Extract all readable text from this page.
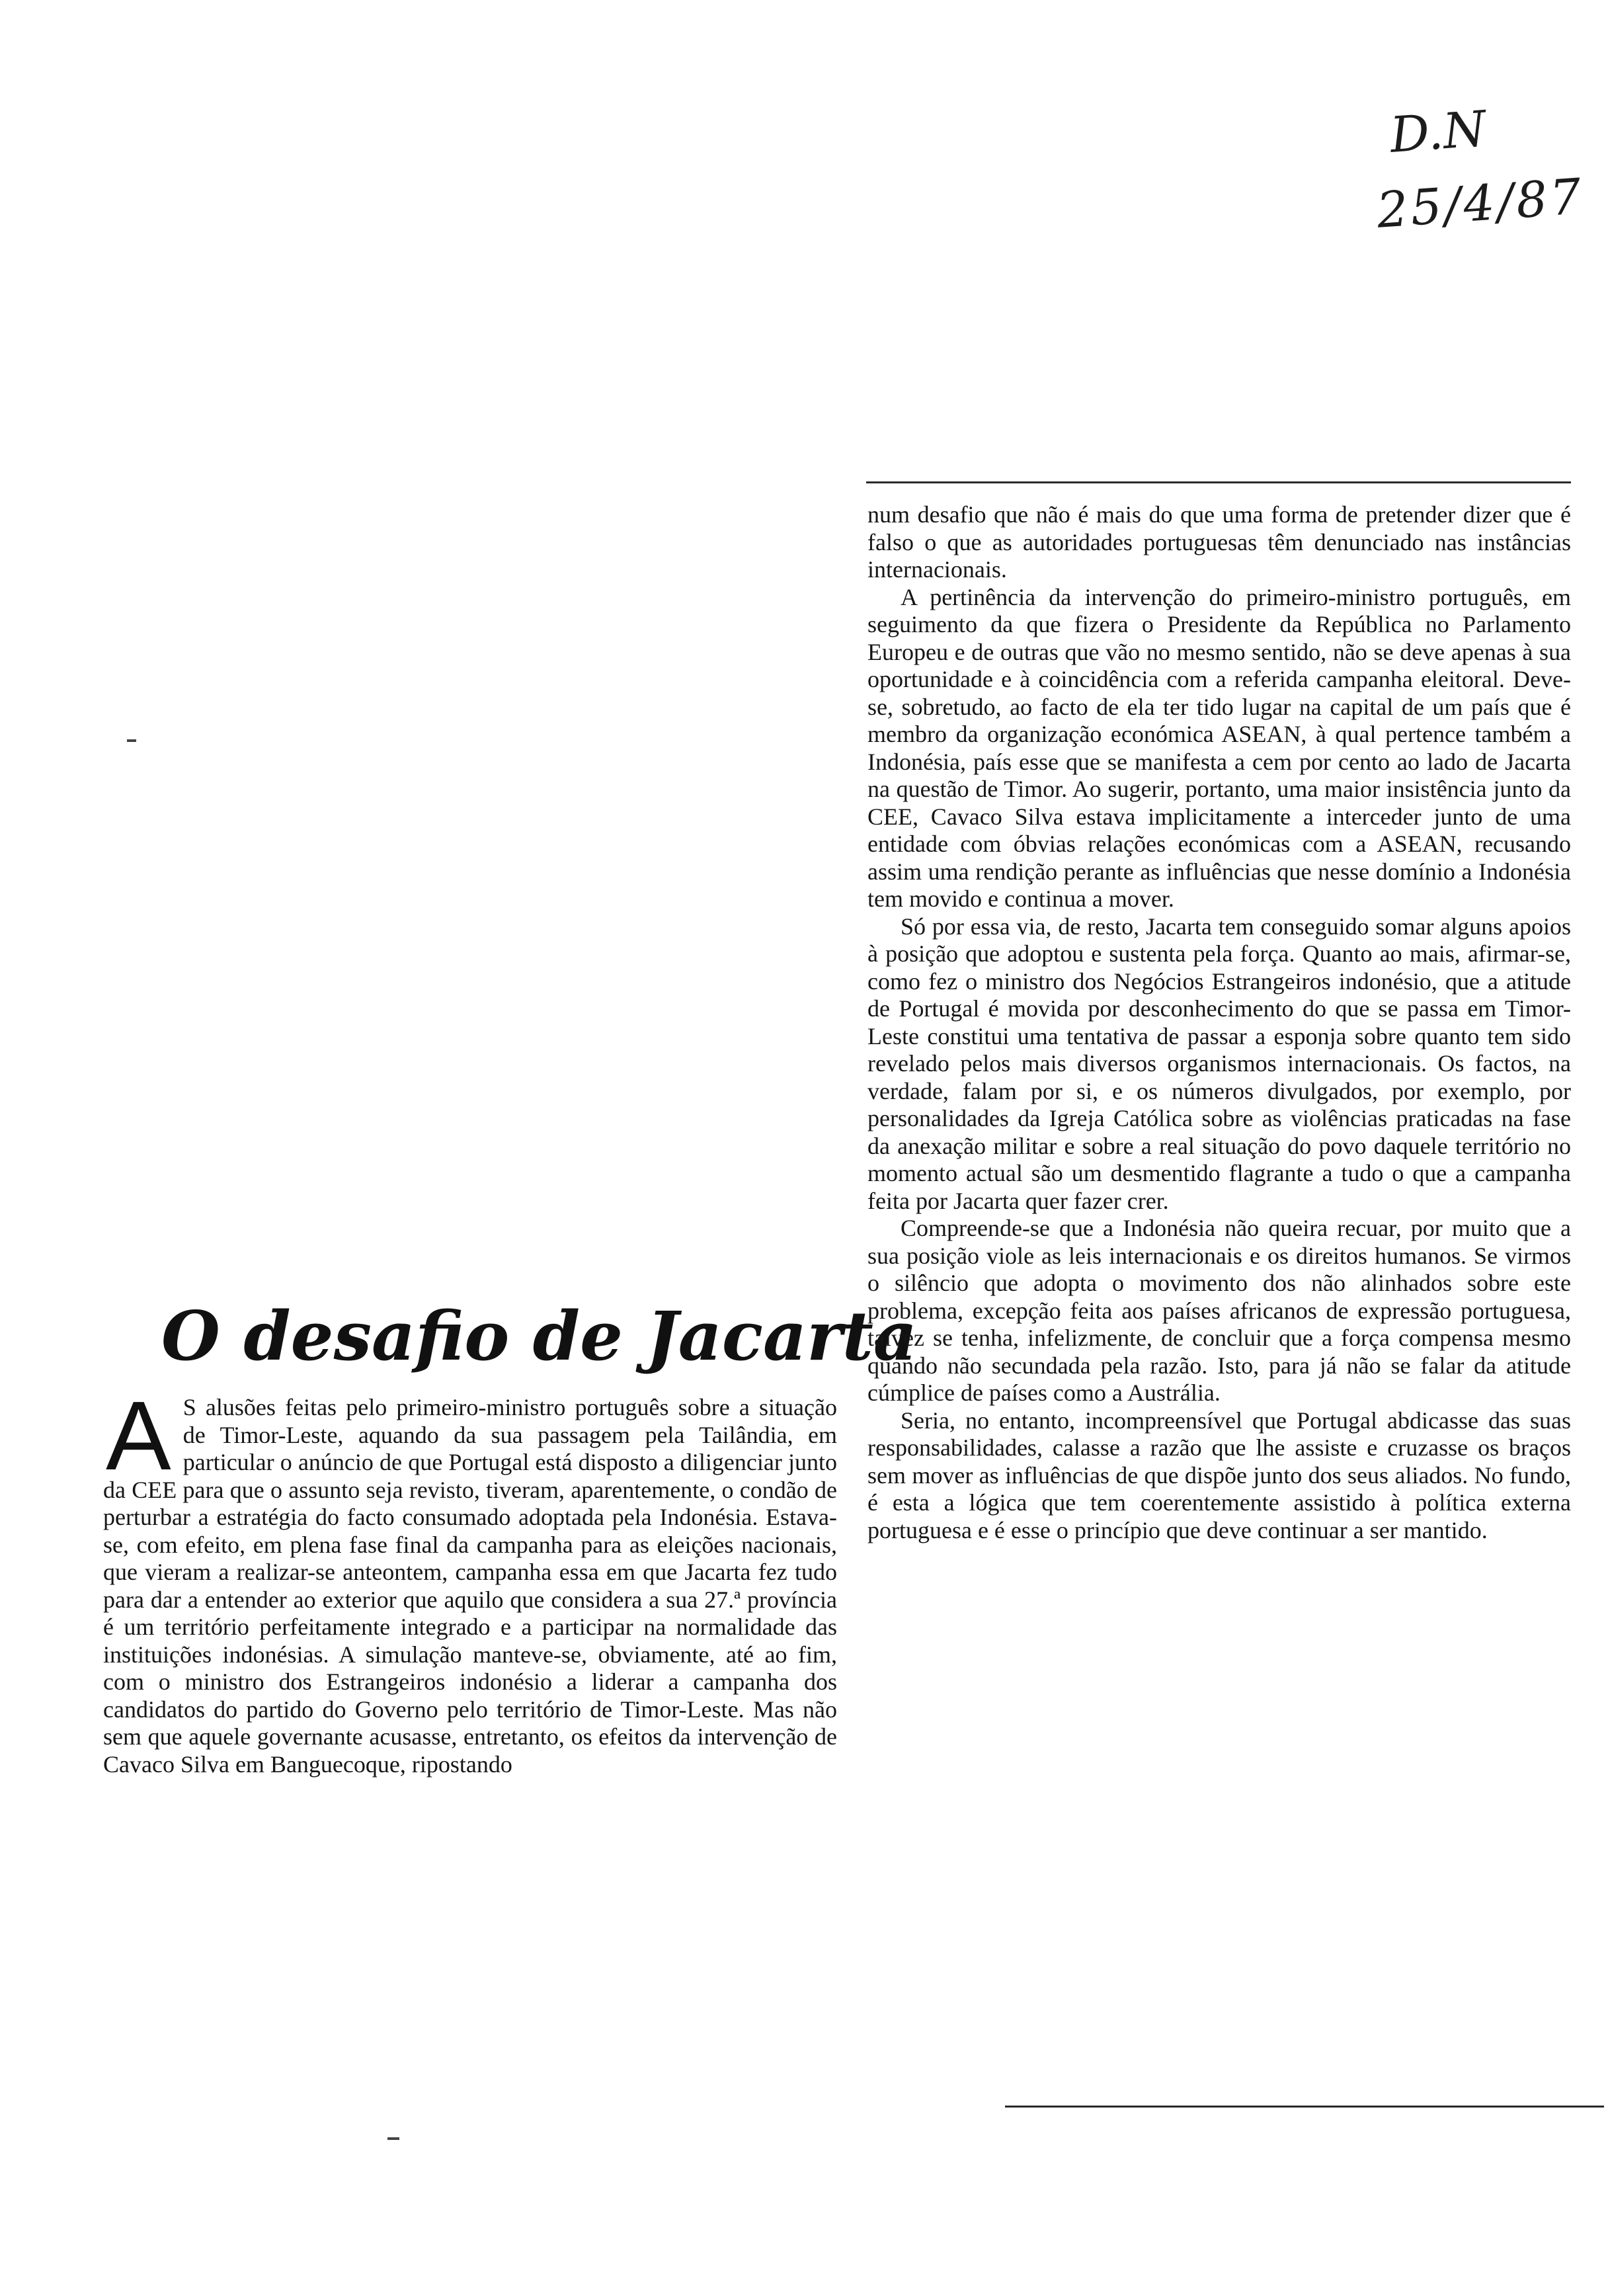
D.N
25/4/87
O desafio de Jacarta

A S alusões feitas pelo primeiro-ministro português sobre a situação de Timor-Leste, aquando da sua passagem pela Tailândia, em particular o anúncio de que Portugal está disposto a diligenciar junto da CEE para que o assunto seja revisto, tiveram, aparentemente, o condão de perturbar a estratégia do facto consumado adoptada pela Indonésia. Estava-se, com efeito, em plena fase final da campanha para as eleições nacionais, que vieram a realizar-se anteontem, campanha essa em que Jacarta fez tudo para dar a entender ao exterior que aquilo que considera a sua 27.ª província é um território perfeitamente integrado e a participar na normalidade das instituições indonésias. A simulação manteve-se, obviamente, até ao fim, com o ministro dos Estrangeiros indonésio a liderar a campanha dos candidatos do partido do Governo pelo território de Timor-Leste. Mas não sem que aquele governante acusasse, entretanto, os efeitos da intervenção de Cavaco Silva em Banguecoque, ripostando

num desafio que não é mais do que uma forma de pretender dizer que é falso o que as autoridades portuguesas têm denunciado nas instâncias internacionais.

A pertinência da intervenção do primeiro-ministro português, em seguimento da que fizera o Presidente da República no Parlamento Europeu e de outras que vão no mesmo sentido, não se deve apenas à sua oportunidade e à coincidência com a referida campanha eleitoral. Deve-se, sobretudo, ao facto de ela ter tido lugar na capital de um país que é membro da organização económica ASEAN, à qual pertence também a Indonésia, país esse que se manifesta a cem por cento ao lado de Jacarta na questão de Timor. Ao sugerir, portanto, uma maior insistência junto da CEE, Cavaco Silva estava implicitamente a interceder junto de uma entidade com óbvias relações económicas com a ASEAN, recusando assim uma rendição perante as influências que nesse domínio a Indonésia tem movido e continua a mover.

Só por essa via, de resto, Jacarta tem conseguido somar alguns apoios à posição que adoptou e sustenta pela força. Quanto ao mais, afirmar-se, como fez o ministro dos Negócios Estrangeiros indonésio, que a atitude de Portugal é movida por desconhecimento do que se passa em Timor-Leste constitui uma tentativa de passar a esponja sobre quanto tem sido revelado pelos mais diversos organismos internacionais. Os factos, na verdade, falam por si, e os números divulgados, por exemplo, por personalidades da Igreja Católica sobre as violências praticadas na fase da anexação militar e sobre a real situação do povo daquele território no momento actual são um desmentido flagrante a tudo o que a campanha feita por Jacarta quer fazer crer.

Compreende-se que a Indonésia não queira recuar, por muito que a sua posição viole as leis internacionais e os direitos humanos. Se virmos o silêncio que adopta o movimento dos não alinhados sobre este problema, excepção feita aos países africanos de expressão portuguesa, talvez se tenha, infelizmente, de concluir que a força compensa mesmo quando não secundada pela razão. Isto, para já não se falar da atitude cúmplice de países como a Austrália.

Seria, no entanto, incompreensível que Portugal abdicasse das suas responsabilidades, calasse a razão que lhe assiste e cruzasse os braços sem mover as influências de que dispõe junto dos seus aliados. No fundo, é esta a lógica que tem coerentemente assistido à política externa portuguesa e é esse o princípio que deve continuar a ser mantido.
